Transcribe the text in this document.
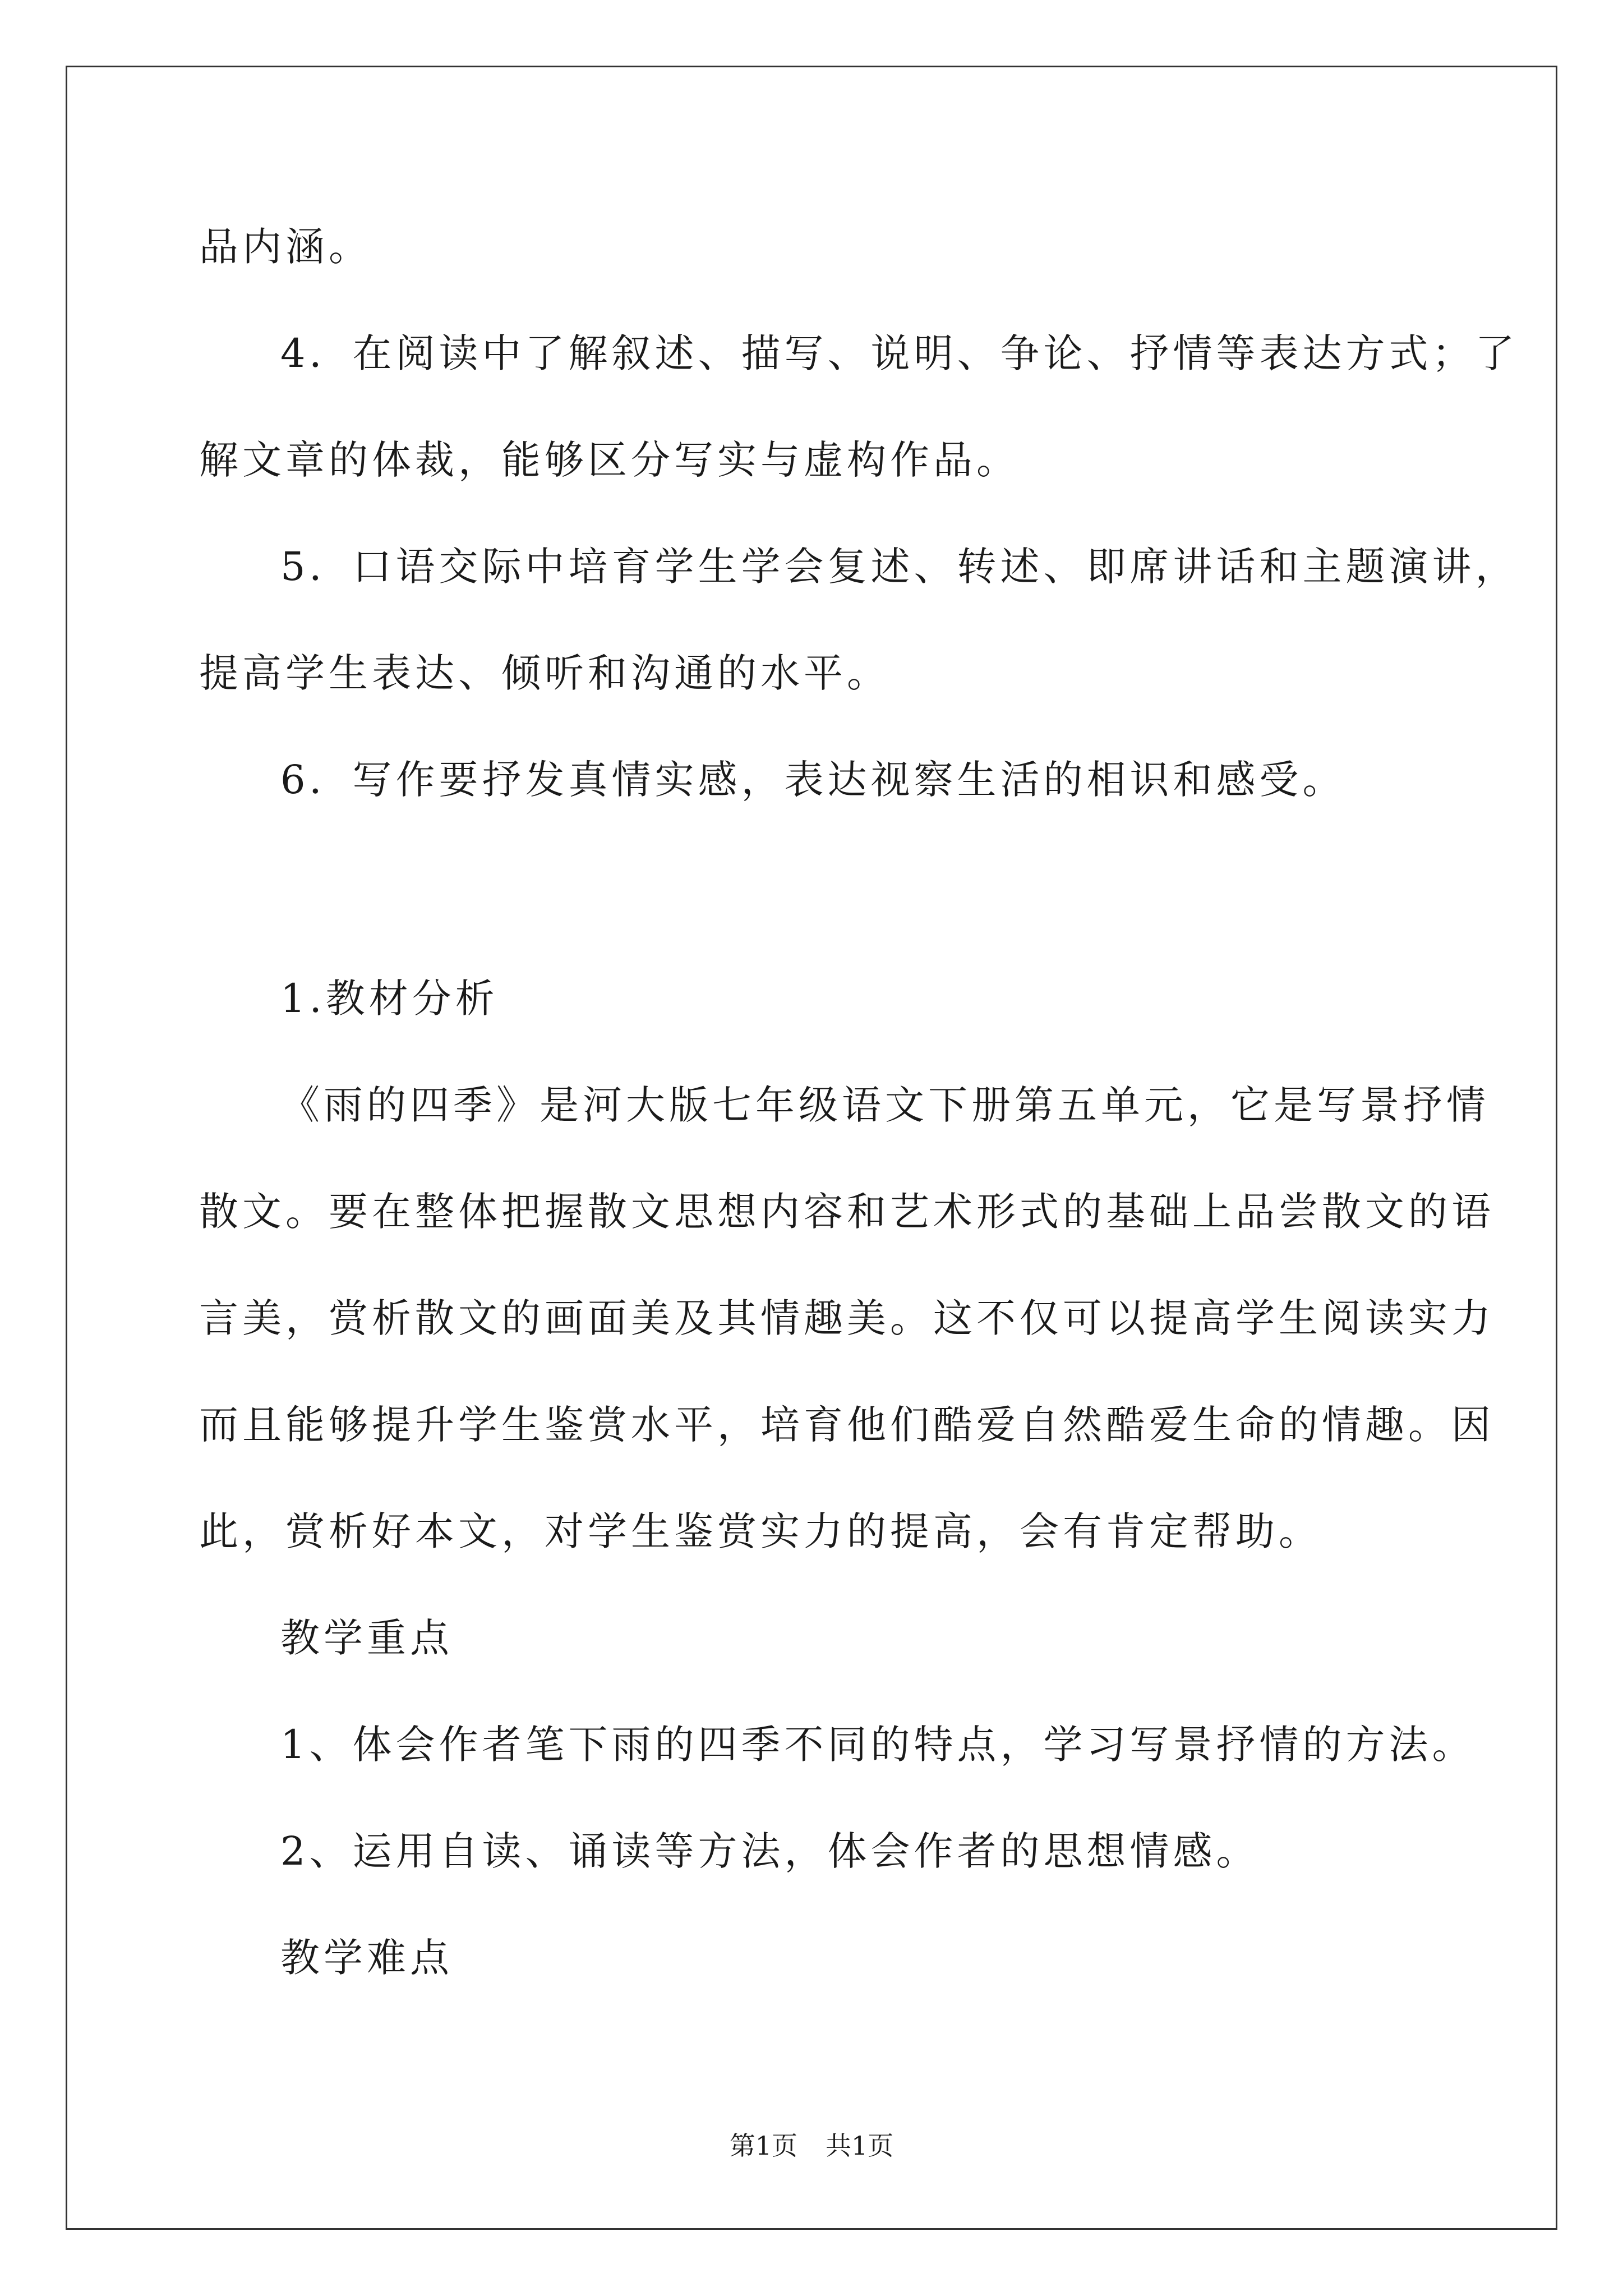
品内涵。
4．在阅读中了解叙述、描写、说明、争论、抒情等表达方式；了
解文章的体裁，能够区分写实与虚构作品。
5．口语交际中培育学生学会复述、转述、即席讲话和主题演讲，
提高学生表达、倾听和沟通的水平。
6．写作要抒发真情实感，表达视察生活的相识和感受。
1.教材分析
《雨的四季》是河大版七年级语文下册第五单元，它是写景抒情
散文。要在整体把握散文思想内容和艺术形式的基础上品尝散文的语
言美，赏析散文的画面美及其情趣美。这不仅可以提高学生阅读实力
而且能够提升学生鉴赏水平，培育他们酷爱自然酷爱生命的情趣。因
此，赏析好本文，对学生鉴赏实力的提高，会有肯定帮助。
教学重点
1、体会作者笔下雨的四季不同的特点，学习写景抒情的方法。
2、运用自读、诵读等方法，体会作者的思想情感。
教学难点
第1页 共1页
